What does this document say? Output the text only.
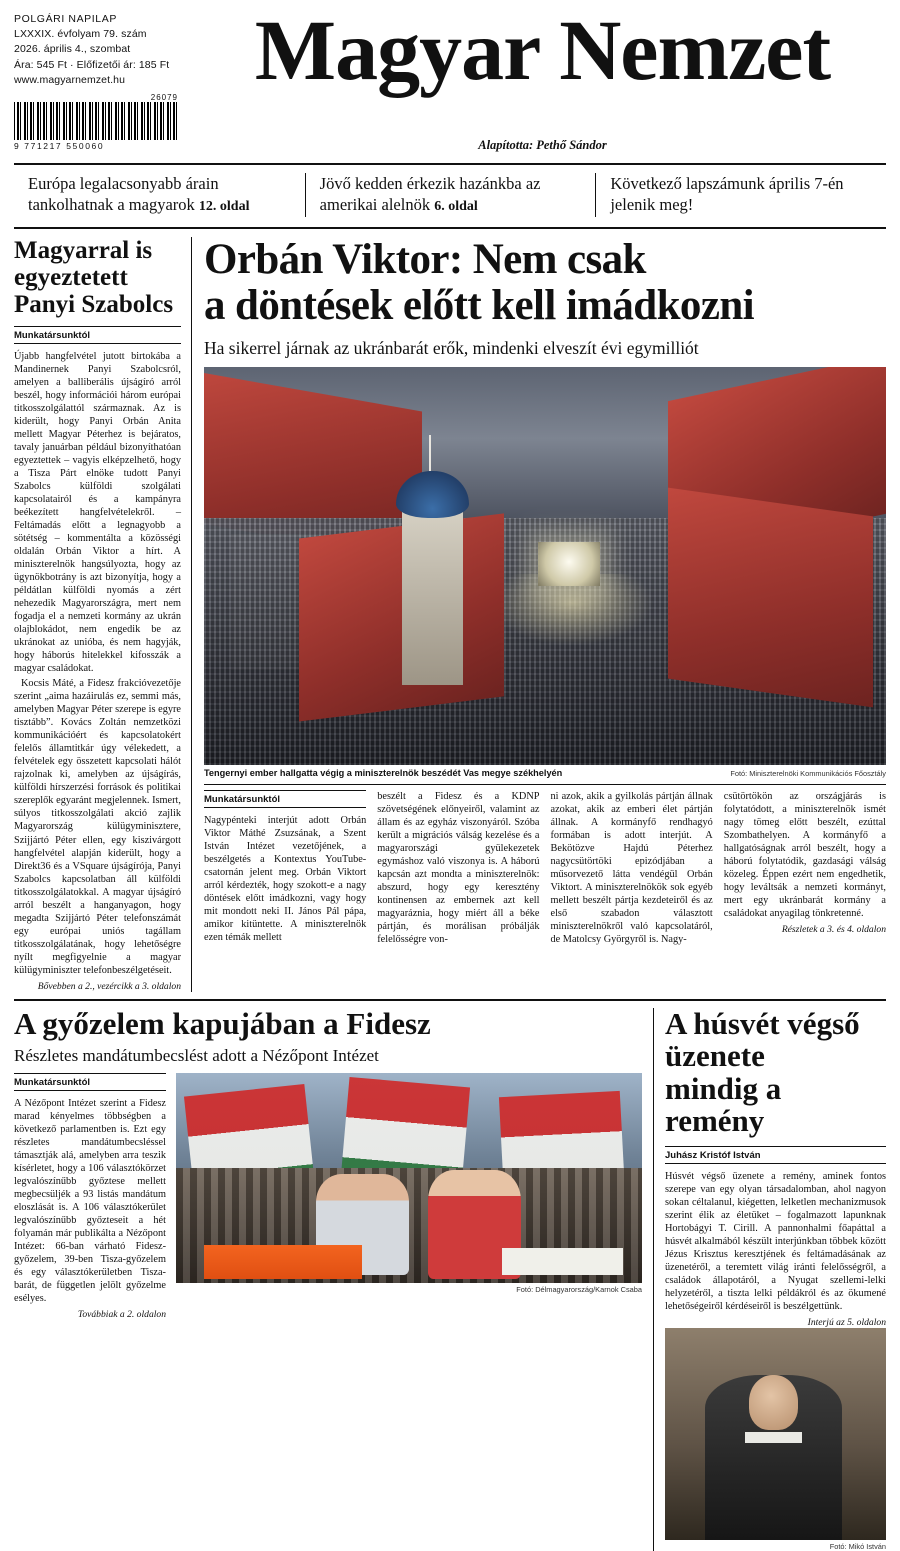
POLGÁRI NAPILAP
LXXXIX. évfolyam 79. szám
2026. április 4., szombat
Ára: 545 Ft · Előfizetői ár: 185 Ft
www.magyarnemzet.hu
26079
9 771217 550060
Magyar Nemzet
Alapította: Pethő Sándor
Európa legalacsonyabb árain tankolhatnak a magyarok 12. oldal
Jövő kedden érkezik hazánkba az amerikai alelnök 6. oldal
Következő lapszámunk április 7-én jelenik meg!
Magyarral is egyeztetett Panyi Szabolcs
Munkatársunktól

Újabb hangfelvétel jutott birtokába a Mandinernek Panyi Szabolcsról, amelyen a balliberális újságíró arról beszél, hogy információi három európai titkosszolgálattól származnak. Az is kiderült, hogy Panyi Orbán Anita mellett Magyar Péterhez is bejáratos, tavaly januárban például bizonyíthatóan egyeztettek – vagyis elképzelhető, hogy a Tisza Párt elnöke tudott Panyi Szabolcs külföldi szolgálati kapcsolatairól és a kampányra beékezített hangfelvételekről. – Feltámadás előtt a legnagyobb a sötétség – kommentálta a közösségi oldalán Orbán Viktor a hírt. A miniszterelnök hangsúlyozta, hogy az ügynökbotrány is azt bizonyítja, hogy a példátlan külföldi nyomás a zért nehezedik Magyarországra, mert nem fogadja el a nemzeti kormány az ukrán olajblokádot, nem engedik be az ukránokat az unióba, és nem hagyják, hogy háborús hitelekkel kifosszák a magyar családokat.

Kocsis Máté, a Fidesz frakcióvezetője szerint „aima hazáirulás ez, semmi más, amelyben Magyar Péter szerepe is egyre tisztább”. Kovács Zoltán nemzetközi kommunikációért és kapcsolatokért felelős államtitkár úgy vélekedett, a felvételek egy összetett kapcsolati hálót rajzolnak ki, amelyben az újságírás, külföldi hírszerzési források és politikai szereplők egyaránt megjelennek. Ismert, súlyos titkosszolgálati akció zajlik Magyarország külügyminisztere, Szijjártó Péter ellen, egy kiszivárgott hangfelvétel alapján kiderült, hogy a Direkt36 és a VSquare újságírója, Panyi Szabolcs kapcsolatban áll külföldi titkosszolgálatokkal. A magyar újságíró arról beszélt a hanganyagon, hogy megadta Szijjártó Péter telefonszámát egy európai uniós tagállam titkosszolgálatának, hogy lehetőségre nyílt megfigyelnie a magyar külügyminiszter telefonbeszélgetéseit.

Bővebben a 2., vezércikk a 3. oldalon
Orbán Viktor: Nem csak
a döntések előtt kell imádkozni
Ha sikerrel járnak az ukránbarát erők, mindenki elveszít évi egymilliót
Tengernyi ember hallgatta végig a miniszterelnök beszédét Vas megye székhelyén	Fotó: Miniszterelnöki Kommunikációs Főosztály
Munkatársunktól
Nagypénteki interjút adott Orbán Viktor Máthé Zsuzsának, a Szent István Intézet vezetőjének, a beszélgetés a Kontextus YouTube-csatornán jelent meg. Orbán Viktort arról kérdezték, hogy szokott-e a nagy döntések előtt imádkozni, vagy hogy mit mondott neki II. János Pál pápa, amikor kitüntette. A miniszterelnök ezen témák mellett
beszélt a Fidesz és a KDNP szövetségének előnyeiről, valamint az állam és az egyház viszonyáról. Szóba került a migrációs válság kezelése és a magyarországi gyülekezetek egymáshoz való viszonya is. A háború kapcsán azt mondta a miniszterelnök: abszurd, hogy egy keresztény kontinensen az embernek azt kell magyaráznia, hogy miért áll a béke pártján, és morálisan próbálják felelősségre von-
ni azok, akik a gyilkolás pártján állnak azokat, akik az emberi élet pártján állnak. A kormányfő rendhagyó formában is adott interjút. A Bekötözve Hajdú Péterhez nagycsütörtöki epizódjában a műsorvezető látta vendégül Orbán Viktort. A miniszterelnökök sok egyéb mellett beszélt pártja kezdeteiről és az első szabadon választott miniszterelnökről való kapcsolatáról, de Matolcsy Györgyről is. Nagy-
csütörtökön az országjárás is folytatódott, a miniszterelnök ismét nagy tömeg előtt beszélt, ezúttal Szombathelyen. A kormányfő a hallgatóságnak arról beszélt, hogy a háború folytatódik, gazdasági válság közeleg. Éppen ezért nem engedhetik, hogy leváltsák a nemzeti kormányt, mert egy ukránbarát kormány a családokat anyagilag tönkretenné.
Részletek a 3. és 4. oldalon
A győzelem kapujában a Fidesz
Részletes mandátumbecslést adott a Nézőpont Intézet
Munkatársunktól
A Nézőpont Intézet szerint a Fidesz marad kényelmes többségben a következő parlamentben is. Ezt egy részletes mandátumbecsléssel támasztják alá, amelyben arra teszik kísérletet, hogy a 106 választókörzet legvalószínűbb győztese mellett megbecsüljék a 93 listás mandátum eloszlását is. A 106 választókerület legvalószínűbb győzteseit a hét folyamán már publikálta a Nézőpont Intézet: 66-ban várható Fidesz-győzelem, 39-ben Tisza-győzelem és egy választókerületben Tisza-barát, de független jelölt győzelme esélyes.
Továbbiak a 2. oldalon
Fotó: Délmagyarország/Karnok Csaba
A húsvét végső üzenete
mindig a remény
Juhász Kristóf István
Húsvét végső üzenete a remény, aminek fontos szerepe van egy olyan társadalomban, ahol nagyon sokan céltalanul, kiégetten, lelketlen mechanizmusok szerint élik az életüket – fogalmazott lapunknak Hortobágyi T. Cirill. A pannonhalmi főapáttal a húsvét alkalmából készült interjúnkban többek között Jézus Krisztus keresztjének és feltámadásának az üzenetéről, a teremtett világ iránti felelősségről, a családok állapotáról, a Nyugat szellemi-lelki helyzetéről, a tiszta lelki példákról és az ökumené lehetőségeiről kérdéseiről is beszélgettünk.
Interjú az 5. oldalon
Fotó: Mikó István
